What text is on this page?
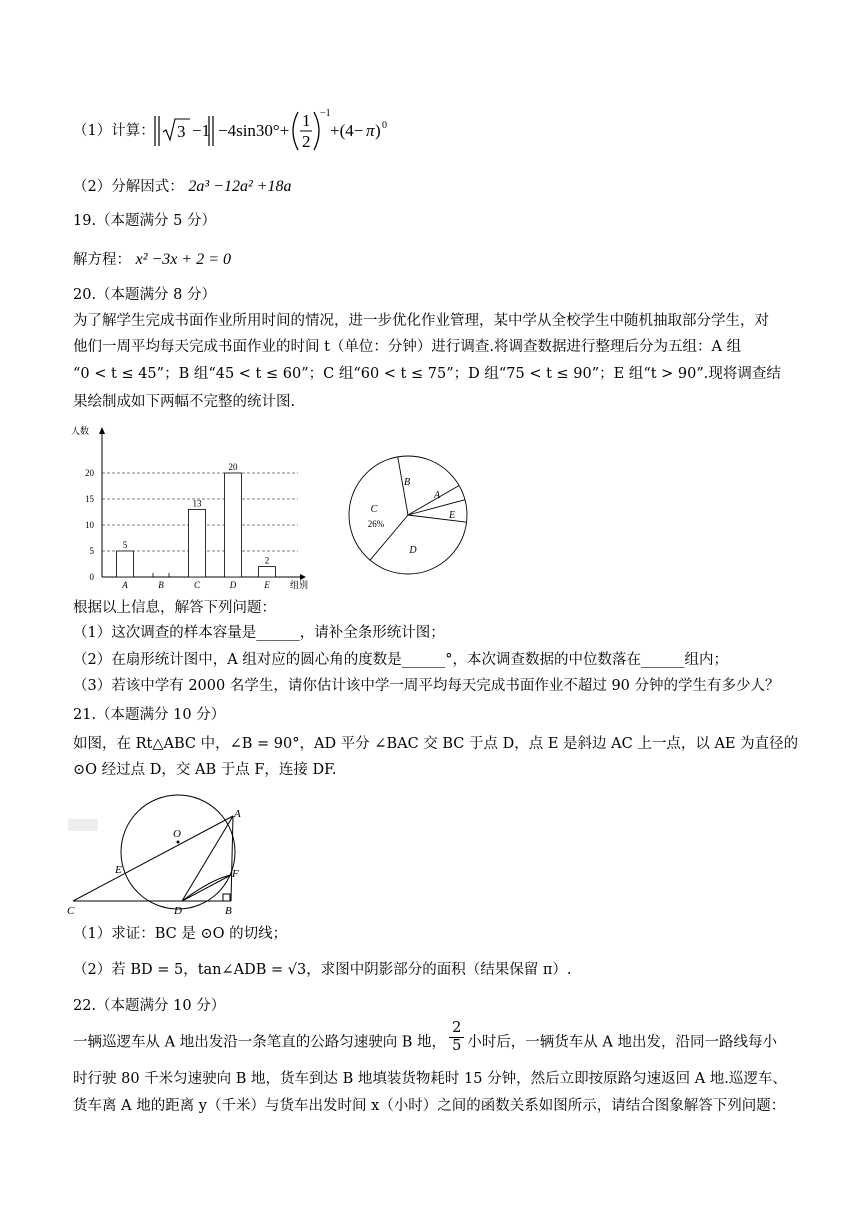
（1）计算： 3 −1 −4sin30°+
1
2
−1
+(4− π ) 0
（2）分解因式： 2a³ −12a² +18a
19.（本题满分 5 分）
解方程： x² −3x + 2 = 0
20.（本题满分 8 分）
为了解学生完成书面作业所用时间的情况，进一步优化作业管理，某中学从全校学生中随机抽取部分学生，对
他们一周平均每天完成书面作业的时间 t（单位：分钟）进行调查.将调查数据进行整理后分为五组：A 组
“0 < t ≤ 45”；B 组“45 < t ≤ 60”；C 组“60 < t ≤ 75”；D 组“75 < t ≤ 90”；E 组“t > 90”.现将调查结
果绘制成如下两幅不完整的统计图.
人数
组别
0
5
10
15
20
A
5
B	C
13
D
20
E
2
B
A
E
D
C
26%
根据以上信息，解答下列问题：
（1）这次调查的样本容量是______，请补全条形统计图；
（2）在扇形统计图中，A 组对应的圆心角的度数是______°，本次调查数据的中位数落在______组内；
（3）若该中学有 2000 名学生，请你估计该中学一周平均每天完成书面作业不超过 90 分钟的学生有多少人？
21.（本题满分 10 分）
如图，在 Rt△ABC 中，∠B = 90°，AD 平分 ∠BAC 交 BC 于点 D，点 E 是斜边 AC 上一点，以 AE 为直径的
⊙O 经过点 D，交 AB 于点 F，连接 DF.
O
A
E	F
C	D	B
（1）求证：BC 是 ⊙O 的切线；
（2）若 BD = 5，tan∠ADB = √3，求图中阴影部分的面积（结果保留 π）.
22.（本题满分 10 分）
一辆巡逻车从 A 地出发沿一条笔直的公路匀速驶向 B 地， $\frac{2}{5}$ 小时后，一辆货车从 A 地出发，沿同一路线每小
时行驶 80 千米匀速驶向 B 地，货车到达 B 地填装货物耗时 15 分钟，然后立即按原路匀速返回 A 地.巡逻车、
货车离 A 地的距离 y（千米）与货车出发时间 x（小时）之间的函数关系如图所示，请结合图象解答下列问题：
